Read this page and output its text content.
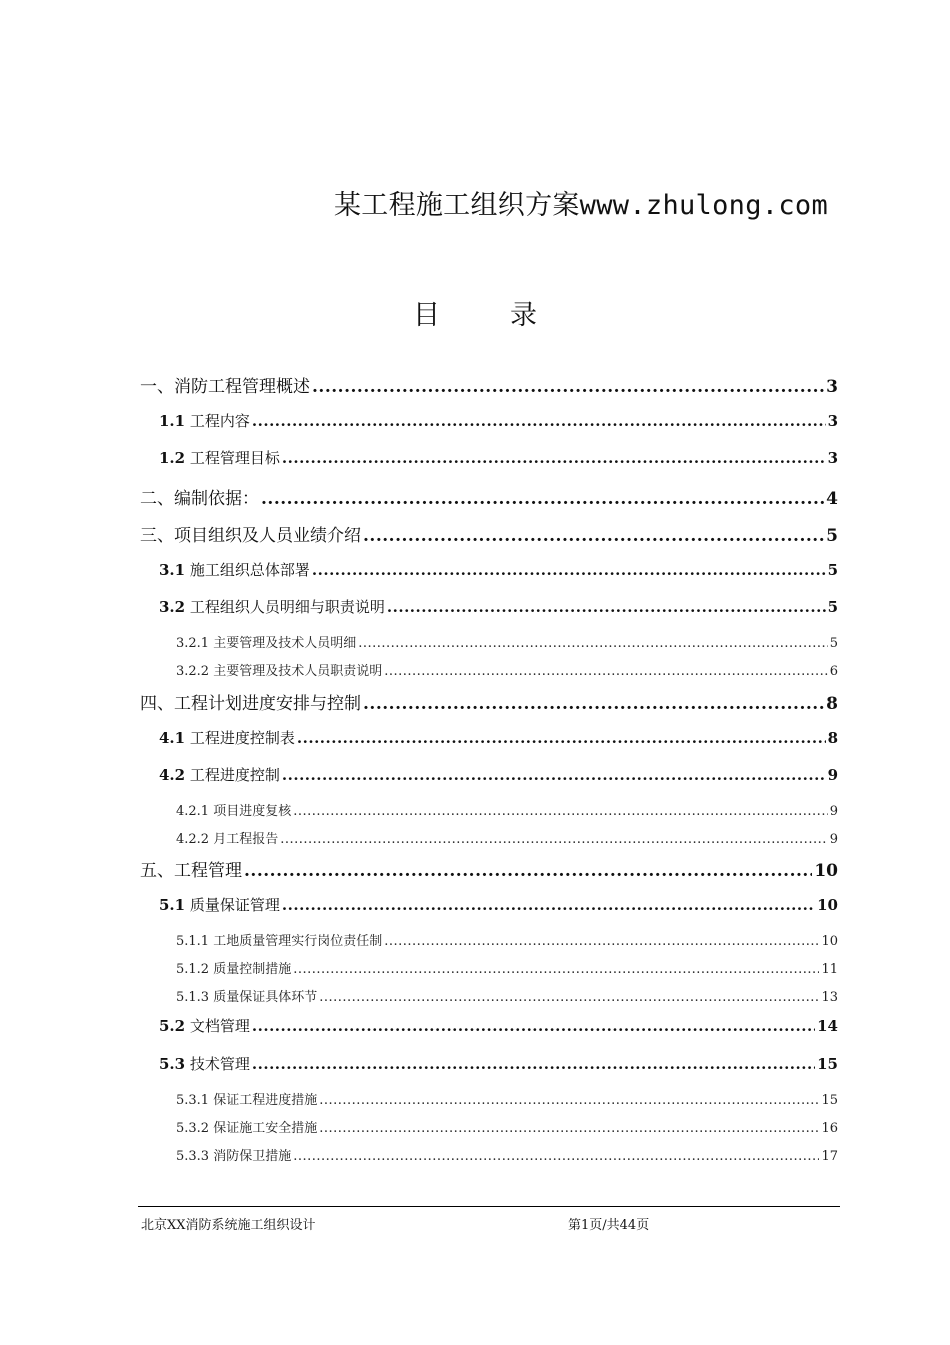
某工程施工组织方案www.zhulong.com
目	录
一、消防工程管理概述 .....	3
1.1 工程内容 .....	3
1.2 工程管理目标 .....	3
二、编制依据： .....	4
三、项目组织及人员业绩介绍 .....	5
3.1 施工组织总体部署 .....	5
3.2 工程组织人员明细与职责说明 .....	5
3.2.1 主要管理及技术人员明细 .....	5
3.2.2 主要管理及技术人员职责说明 .....	6
四、工程计划进度安排与控制 .....	8
4.1 工程进度控制表 .....	8
4.2 工程进度控制 .....	9
4.2.1 项目进度复核 .....	9
4.2.2 月工程报告 .....	9
五、工程管理 .....	10
5.1 质量保证管理 .....	10
5.1.1 工地质量管理实行岗位责任制 .....	10
5.1.2 质量控制措施 .....	11
5.1.3 质量保证具体环节 .....	13
5.2 文档管理 .....	14
5.3 技术管理 .....	15
5.3.1 保证工程进度措施 .....	15
5.3.2 保证施工安全措施 .....	16
5.3.3 消防保卫措施 .....	17
北京XX消防系统施工组织设计	第1页/共44页
